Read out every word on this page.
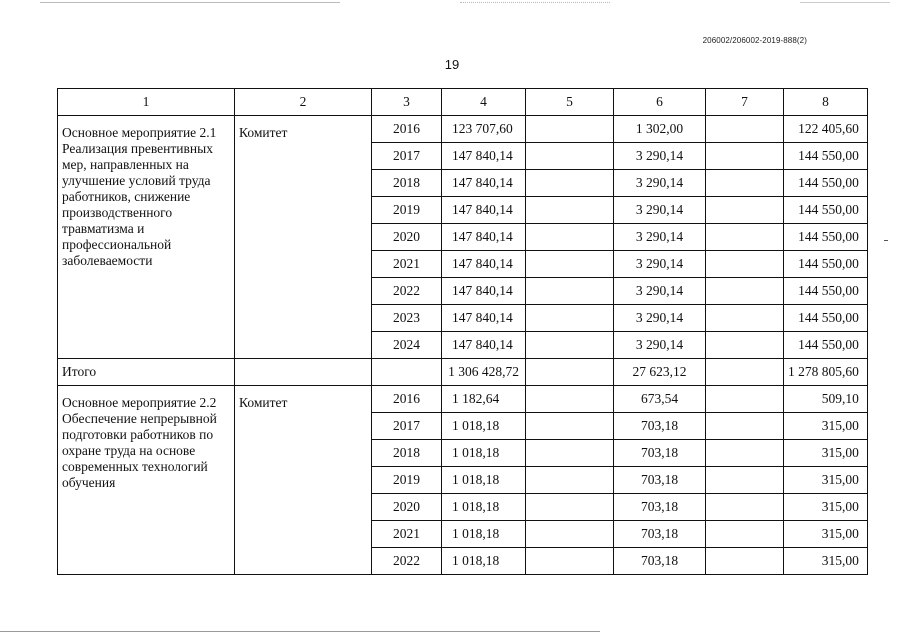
206002/206002-2019-888(2)
19
1	2	3	4	5	6	7	8
Основное мероприятие 2.1 Реализация превентивных мер, направленных на улучшение условий труда работников, снижение производственного травматизма и профессиональной заболеваемости	Комитет	2016	123 707,60		1 302,00		122 405,60
		2017	147 840,14		3 290,14		144 550,00
		2018	147 840,14		3 290,14		144 550,00
		2019	147 840,14		3 290,14		144 550,00
		2020	147 840,14		3 290,14		144 550,00
		2021	147 840,14		3 290,14		144 550,00
		2022	147 840,14		3 290,14		144 550,00
		2023	147 840,14		3 290,14		144 550,00
		2024	147 840,14		3 290,14		144 550,00
Итого			1 306 428,72		27 623,12		1 278 805,60
Основное мероприятие 2.2 Обеспечение непрерывной подготовки работников по охране труда на основе современных технологий обучения	Комитет	2016	1 182,64		673,54		509,10
		2017	1 018,18		703,18		315,00
		2018	1 018,18		703,18		315,00
		2019	1 018,18		703,18		315,00
		2020	1 018,18		703,18		315,00
		2021	1 018,18		703,18		315,00
		2022	1 018,18		703,18		315,00
